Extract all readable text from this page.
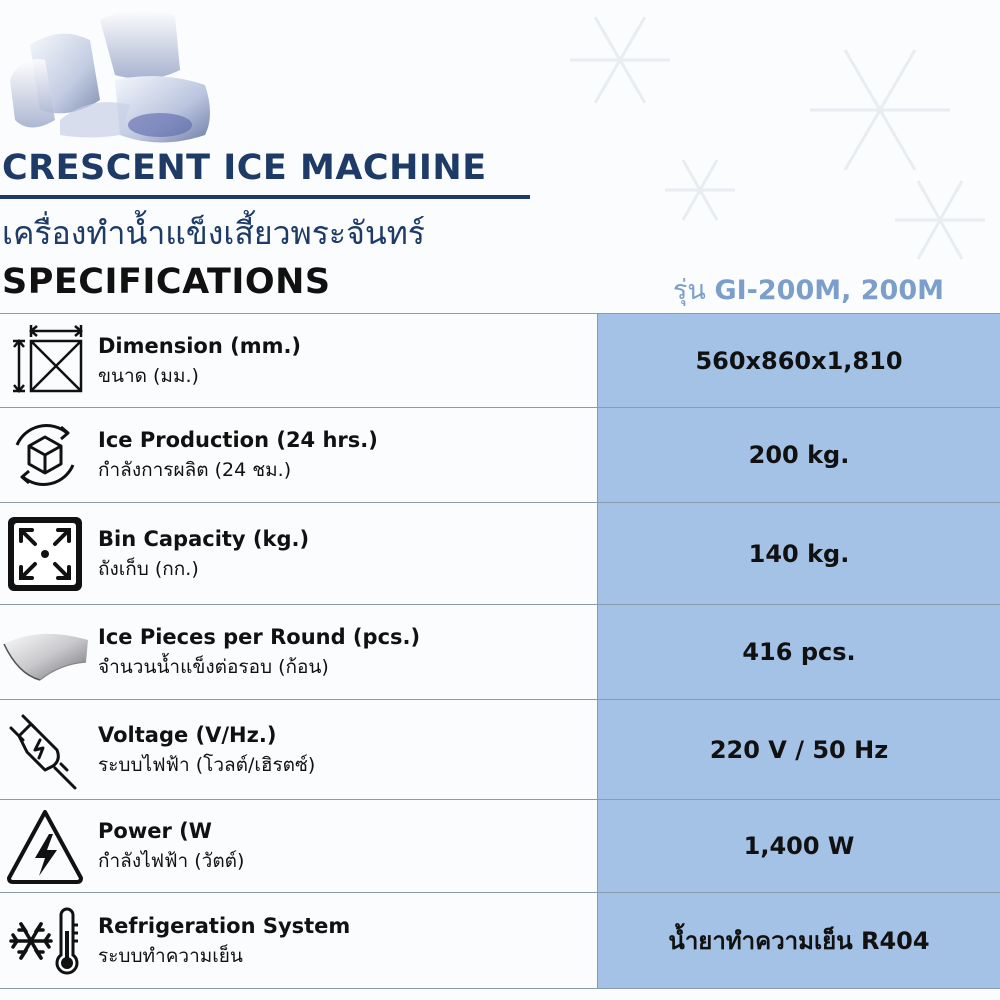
CRESCENT ICE MACHINE
เครื่องทำน้ำแข็งเสี้ยวพระจันทร์
SPECIFICATIONS	รุ่น GI-200M, 200M
Dimension (mm.)
ขนาด (มม.)
560x860x1,810
Ice Production (24 hrs.)
กำลังการผลิต (24 ชม.)
200 kg.
Bin Capacity (kg.)
ถังเก็บ (กก.)
140 kg.
Ice Pieces per Round (pcs.)
จำนวนน้ำแข็งต่อรอบ (ก้อน)
416 pcs.
Voltage (V/Hz.)
ระบบไฟฟ้า (โวลต์/เฮิรตซ์)
220 V / 50 Hz
Power (W
กำลังไฟฟ้า (วัตต์)
1,400 W
Refrigeration System
ระบบทำความเย็น
น้ำยาทำความเย็น R404
